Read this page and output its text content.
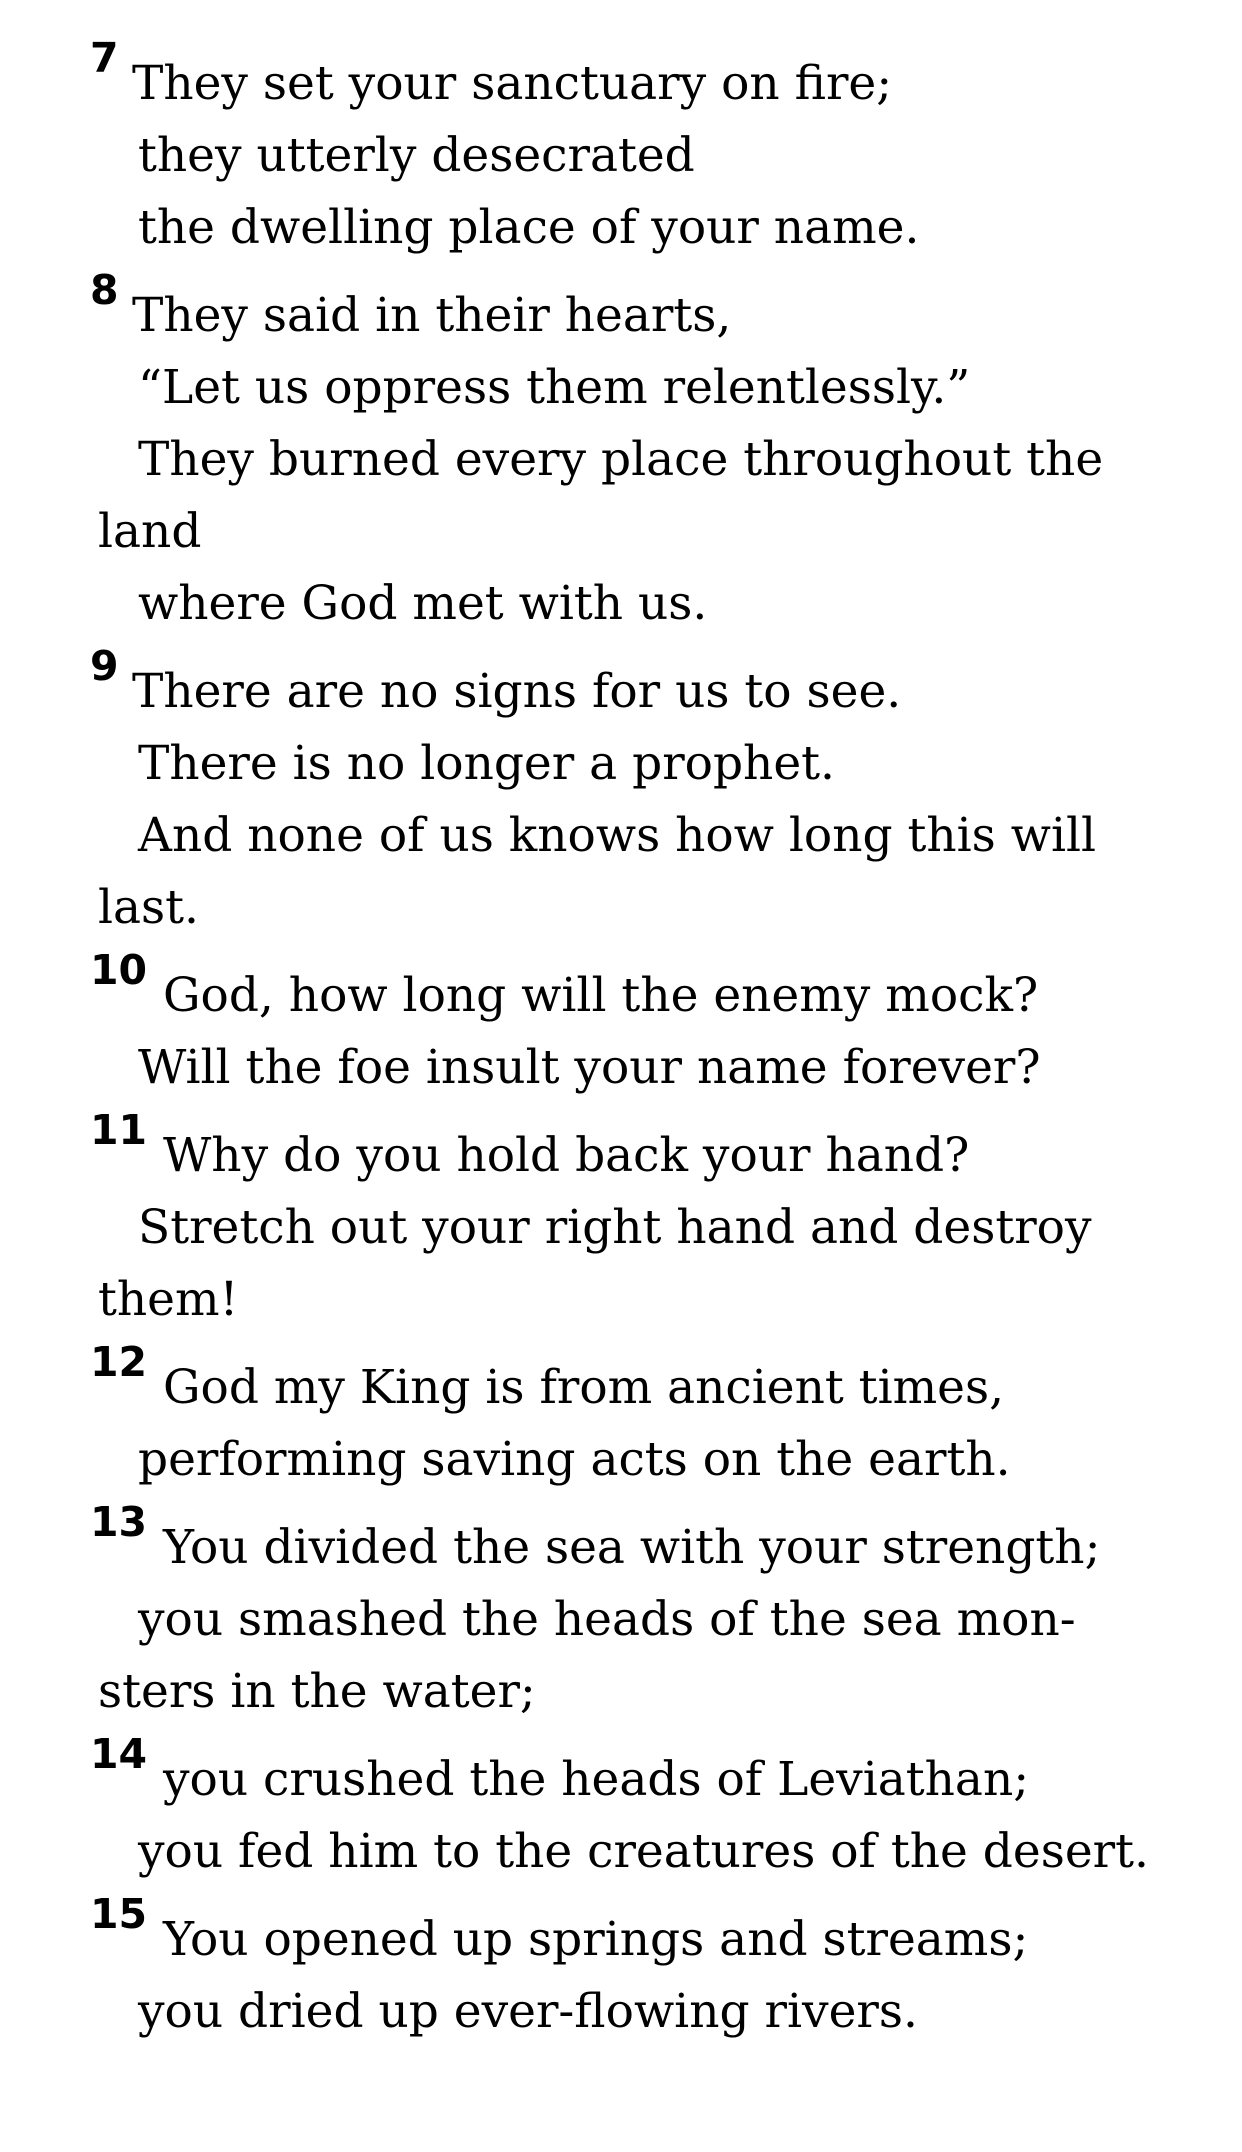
7 They set your sanctuary on fire;
they utterly desecrated
the dwelling place of your name.
8 They said in their hearts,
“Let us oppress them relentlessly.”
They burned every place throughout the
land
where God met with us.
9 There are no signs for us to see.
There is no longer a prophet.
And none of us knows how long this will
last.
10 God, how long will the enemy mock?
Will the foe insult your name forever?
11 Why do you hold back your hand?
Stretch out your right hand and destroy
them!
12 God my King is from ancient times,
performing saving acts on the earth.
13 You divided the sea with your strength;
you smashed the heads of the sea mon-
sters in the water;
14 you crushed the heads of Leviathan;
you fed him to the creatures of the desert.
15 You opened up springs and streams;
you dried up ever-flowing rivers.
